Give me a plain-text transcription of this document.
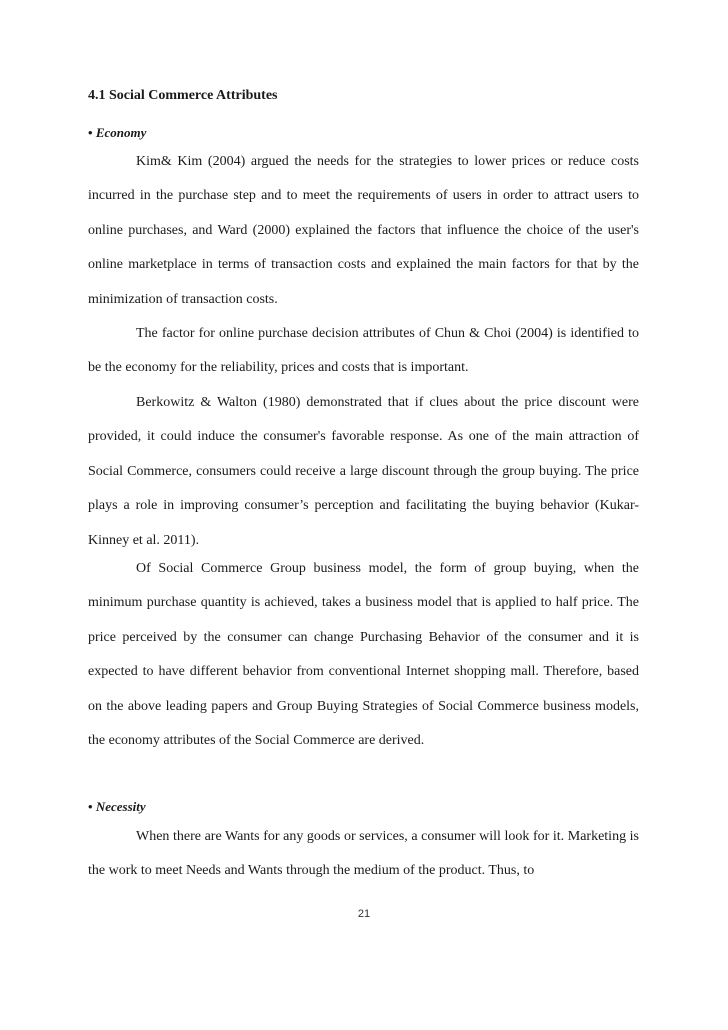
4.1 Social Commerce Attributes
• Economy

Kim& Kim (2004) argued the needs for the strategies to lower prices or reduce costs incurred in the purchase step and to meet the requirements of users in order to attract users to online purchases, and Ward (2000) explained the factors that influence the choice of the user's online marketplace in terms of transaction costs and explained the main factors for that by the minimization of transaction costs.

The factor for online purchase decision attributes of Chun & Choi (2004) is identified to be the economy for the reliability, prices and costs that is important.

Berkowitz & Walton (1980) demonstrated that if clues about the price discount were provided, it could induce the consumer's favorable response. As one of the main attraction of Social Commerce, consumers could receive a large discount through the group buying. The price plays a role in improving consumer’s perception and facilitating the buying behavior (Kukar-Kinney et al. 2011).

Of Social Commerce Group business model, the form of group buying, when the minimum purchase quantity is achieved, takes a business model that is applied to half price. The price perceived by the consumer can change Purchasing Behavior of the consumer and it is expected to have different behavior from conventional Internet shopping mall. Therefore, based on the above leading papers and Group Buying Strategies of Social Commerce business models, the economy attributes of the Social Commerce are derived.

• Necessity

When there are Wants for any goods or services, a consumer will look for it. Marketing is the work to meet Needs and Wants through the medium of the product. Thus, to

21
